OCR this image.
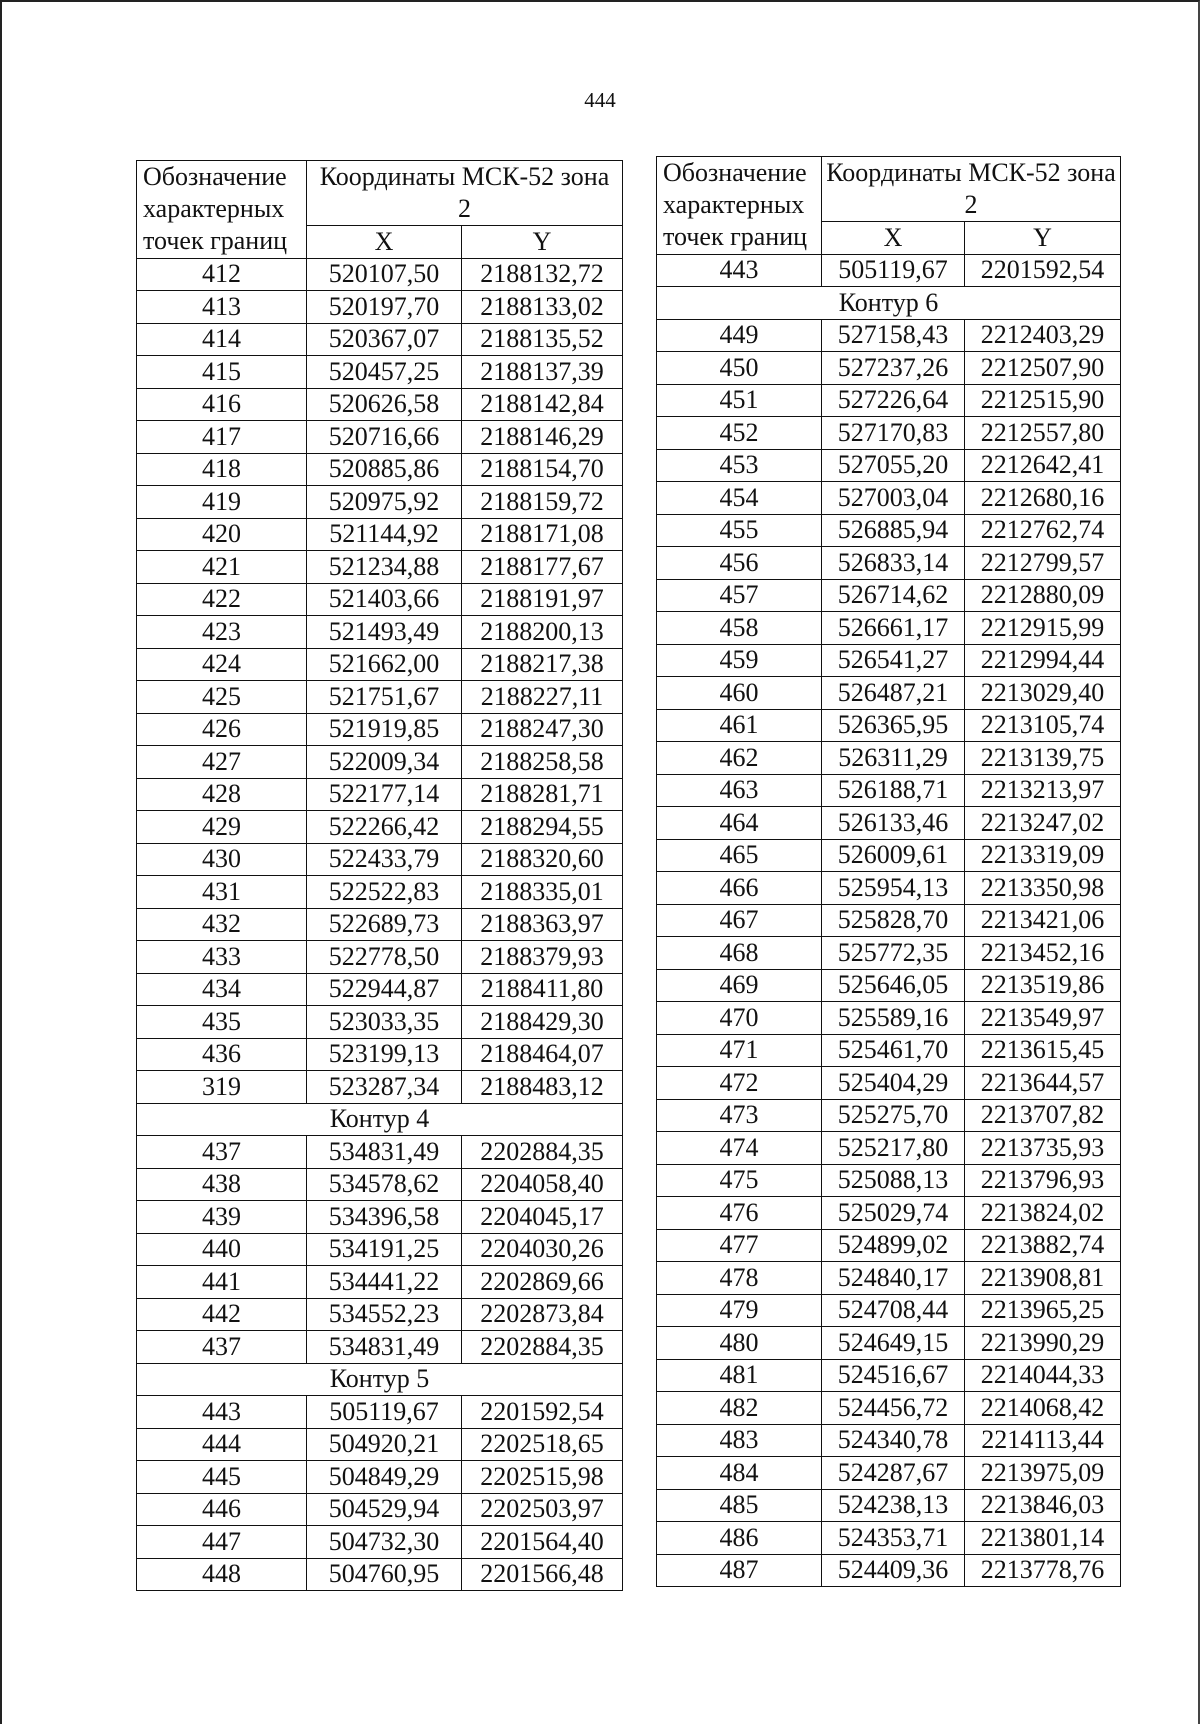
444
Обозначение характерных точек границ	Координаты МСК-52 зона 2	
	X	Y
412	520107,50	2188132,72
413	520197,70	2188133,02
414	520367,07	2188135,52
415	520457,25	2188137,39
416	520626,58	2188142,84
417	520716,66	2188146,29
418	520885,86	2188154,70
419	520975,92	2188159,72
420	521144,92	2188171,08
421	521234,88	2188177,67
422	521403,66	2188191,97
423	521493,49	2188200,13
424	521662,00	2188217,38
425	521751,67	2188227,11
426	521919,85	2188247,30
427	522009,34	2188258,58
428	522177,14	2188281,71
429	522266,42	2188294,55
430	522433,79	2188320,60
431	522522,83	2188335,01
432	522689,73	2188363,97
433	522778,50	2188379,93
434	522944,87	2188411,80
435	523033,35	2188429,30
436	523199,13	2188464,07
319	523287,34	2188483,12
Контур 4		
437	534831,49	2202884,35
438	534578,62	2204058,40
439	534396,58	2204045,17
440	534191,25	2204030,26
441	534441,22	2202869,66
442	534552,23	2202873,84
437	534831,49	2202884,35
Контур 5		
443	505119,67	2201592,54
444	504920,21	2202518,65
445	504849,29	2202515,98
446	504529,94	2202503,97
447	504732,30	2201564,40
448	504760,95	2201566,48
Обозначение характерных точек границ	Координаты МСК-52 зона 2	
	X	Y
443	505119,67	2201592,54
Контур 6		
449	527158,43	2212403,29
450	527237,26	2212507,90
451	527226,64	2212515,90
452	527170,83	2212557,80
453	527055,20	2212642,41
454	527003,04	2212680,16
455	526885,94	2212762,74
456	526833,14	2212799,57
457	526714,62	2212880,09
458	526661,17	2212915,99
459	526541,27	2212994,44
460	526487,21	2213029,40
461	526365,95	2213105,74
462	526311,29	2213139,75
463	526188,71	2213213,97
464	526133,46	2213247,02
465	526009,61	2213319,09
466	525954,13	2213350,98
467	525828,70	2213421,06
468	525772,35	2213452,16
469	525646,05	2213519,86
470	525589,16	2213549,97
471	525461,70	2213615,45
472	525404,29	2213644,57
473	525275,70	2213707,82
474	525217,80	2213735,93
475	525088,13	2213796,93
476	525029,74	2213824,02
477	524899,02	2213882,74
478	524840,17	2213908,81
479	524708,44	2213965,25
480	524649,15	2213990,29
481	524516,67	2214044,33
482	524456,72	2214068,42
483	524340,78	2214113,44
484	524287,67	2213975,09
485	524238,13	2213846,03
486	524353,71	2213801,14
487	524409,36	2213778,76
